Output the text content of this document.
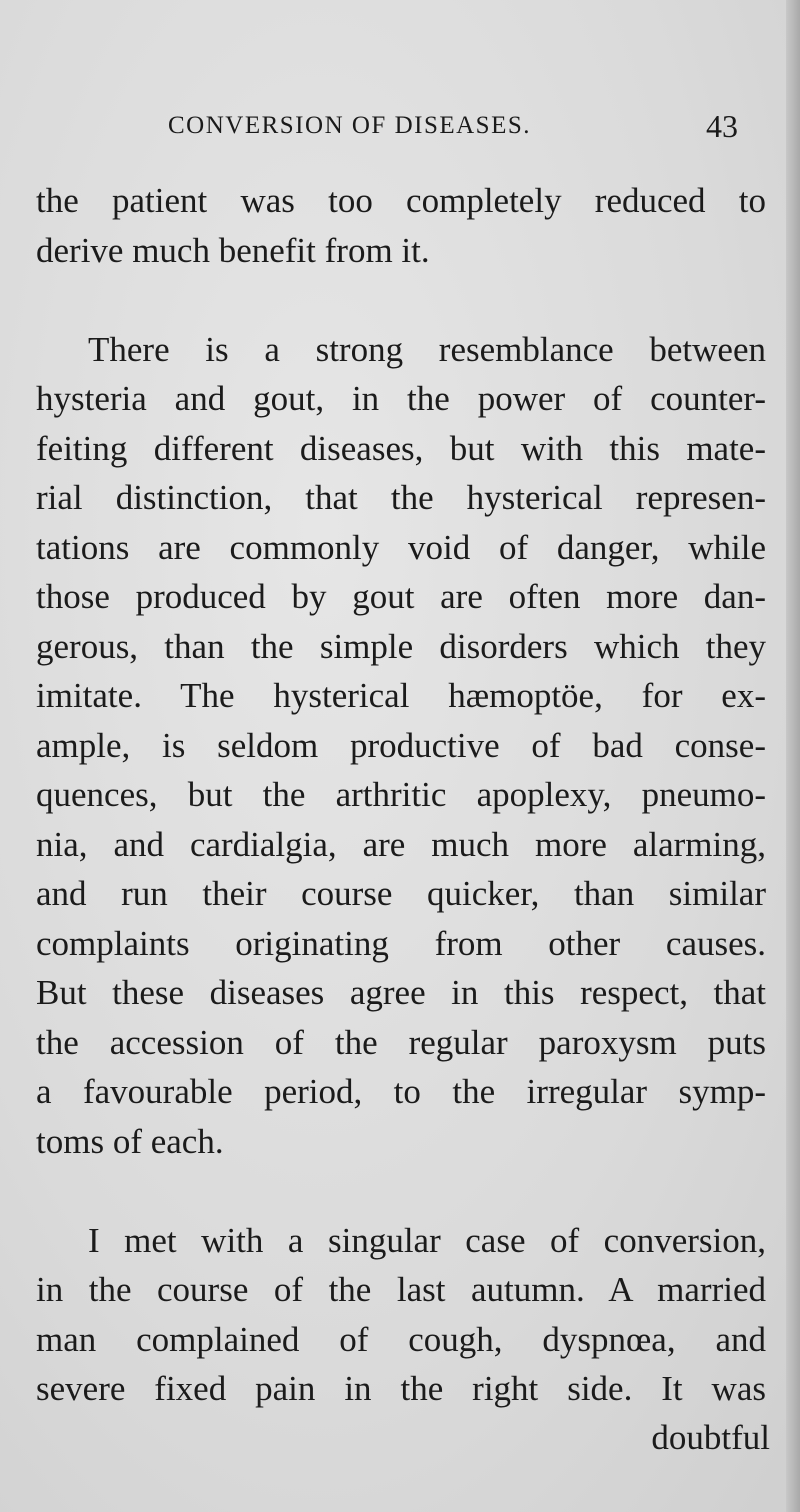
CONVERSION OF DISEASES.	43
the patient was too completely reduced to
derive much benefit from it.
There is a strong resemblance between
hysteria and gout, in the power of counter-
feiting different diseases, but with this mate-
rial distinction, that the hysterical represen-
tations are commonly void of danger, while
those produced by gout are often more dan-
gerous, than the simple disorders which they
imitate. The hysterical hæmoptöe, for ex-
ample, is seldom productive of bad conse-
quences, but the arthritic apoplexy, pneumo-
nia, and cardialgia, are much more alarming,
and run their course quicker, than similar
complaints originating from other causes.
But these diseases agree in this respect, that
the accession of the regular paroxysm puts
a favourable period, to the irregular symp-
toms of each.
I met with a singular case of conversion,
in the course of the last autumn. A married
man complained of cough, dyspnœa, and
severe fixed pain in the right side. It was
doubtful
